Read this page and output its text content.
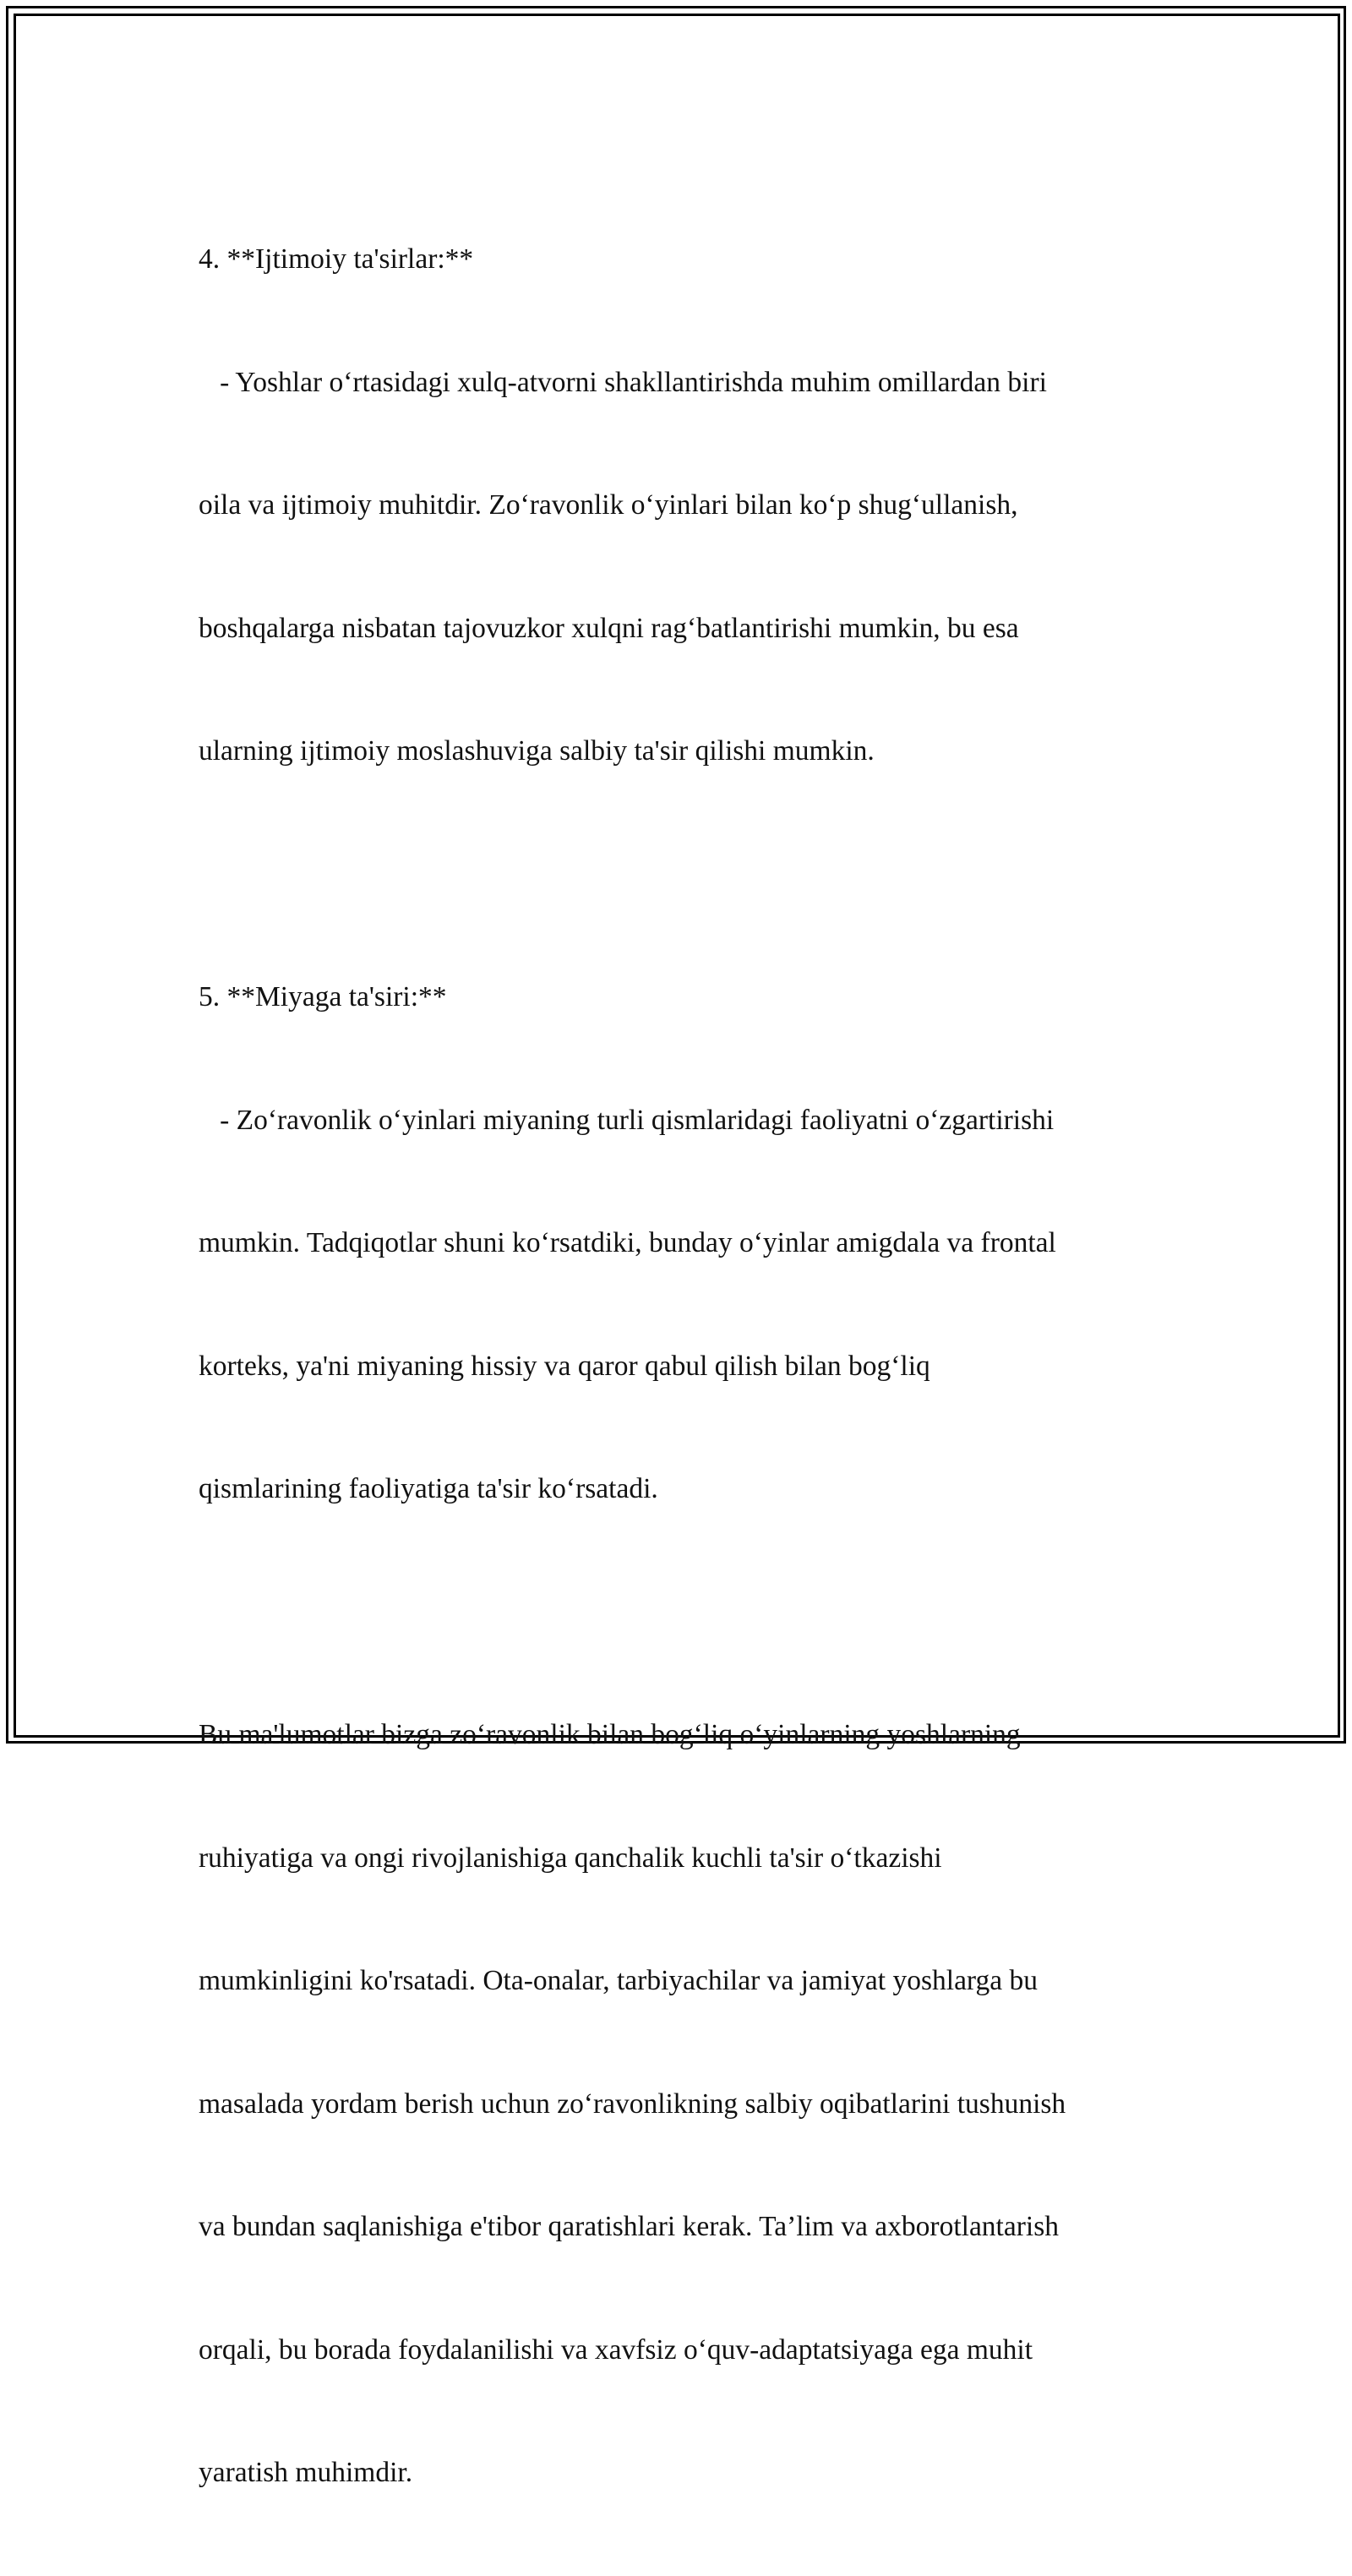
4. **Ijtimoiy ta'sirlar:**

- Yoshlar o‘rtasidagi xulq-atvorni shakllantirishda muhim omillardan biri

oila va ijtimoiy muhitdir. Zo‘ravonlik o‘yinlari bilan ko‘p shug‘ullanish,

boshqalarga nisbatan tajovuzkor xulqni rag‘batlantirishi mumkin, bu esa

ularning ijtimoiy moslashuviga salbiy ta'sir qilishi mumkin.

5. **Miyaga ta'siri:**

- Zo‘ravonlik o‘yinlari miyaning turli qismlaridagi faoliyatni o‘zgartirishi

mumkin. Tadqiqotlar shuni ko‘rsatdiki, bunday o‘yinlar amigdala va frontal

korteks, ya'ni miyaning hissiy va qaror qabul qilish bilan bog‘liq

qismlarining faoliyatiga ta'sir ko‘rsatadi.

Bu ma'lumotlar bizga zo‘ravonlik bilan bog‘liq o‘yinlarning yoshlarning

ruhiyatiga va ongi rivojlanishiga qanchalik kuchli ta'sir o‘tkazishi

mumkinligini ko'rsatadi. Ota-onalar, tarbiyachilar va jamiyat yoshlarga bu

masalada yordam berish uchun zo‘ravonlikning salbiy oqibatlarini tushunish

va bundan saqlanishiga e'tibor qaratishlari kerak. Ta’lim va axborotlantarish

orqali, bu borada foydalanilishi va xavfsiz o‘quv-adaptatsiyaga ega muhit

yaratish muhimdir.
